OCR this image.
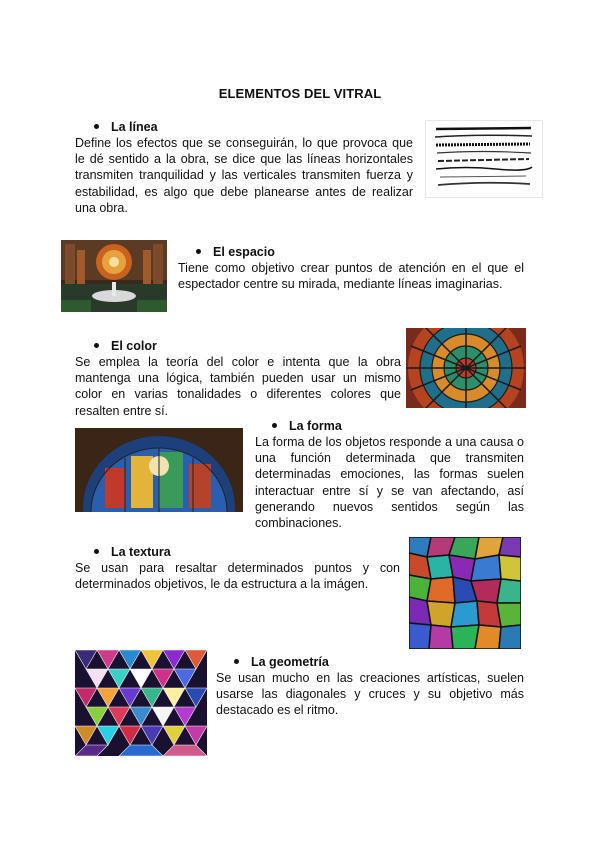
ELEMENTOS DEL VITRAL
La línea
Define los efectos que se conseguirán, lo que provoca que le dé sentido a la obra, se dice que las líneas horizontales transmiten tranquilidad y las verticales transmiten fuerza y estabilidad, es algo que debe planearse antes de realizar una obra.
El espacio
Tiene como objetivo crear puntos de atención en el que el espectador centre su mirada, mediante líneas imaginarias.
El color
Se emplea la teoría del color e intenta que la obra mantenga una lógica, también pueden usar un mismo color en varias tonalidades o diferentes colores que resalten entre sí.
La forma
La forma de los objetos responde a una causa o una función determinada que transmiten determinadas emociones, las formas suelen interactuar entre sí y se van afectando, así generando nuevos sentidos según las combinaciones.
La textura
Se usan para resaltar determinados puntos y con determinados objetivos, le da estructura a la imágen.
La geometría
Se usan mucho en las creaciones artísticas, suelen usarse las diagonales y cruces y su objetivo más destacado es el ritmo.
